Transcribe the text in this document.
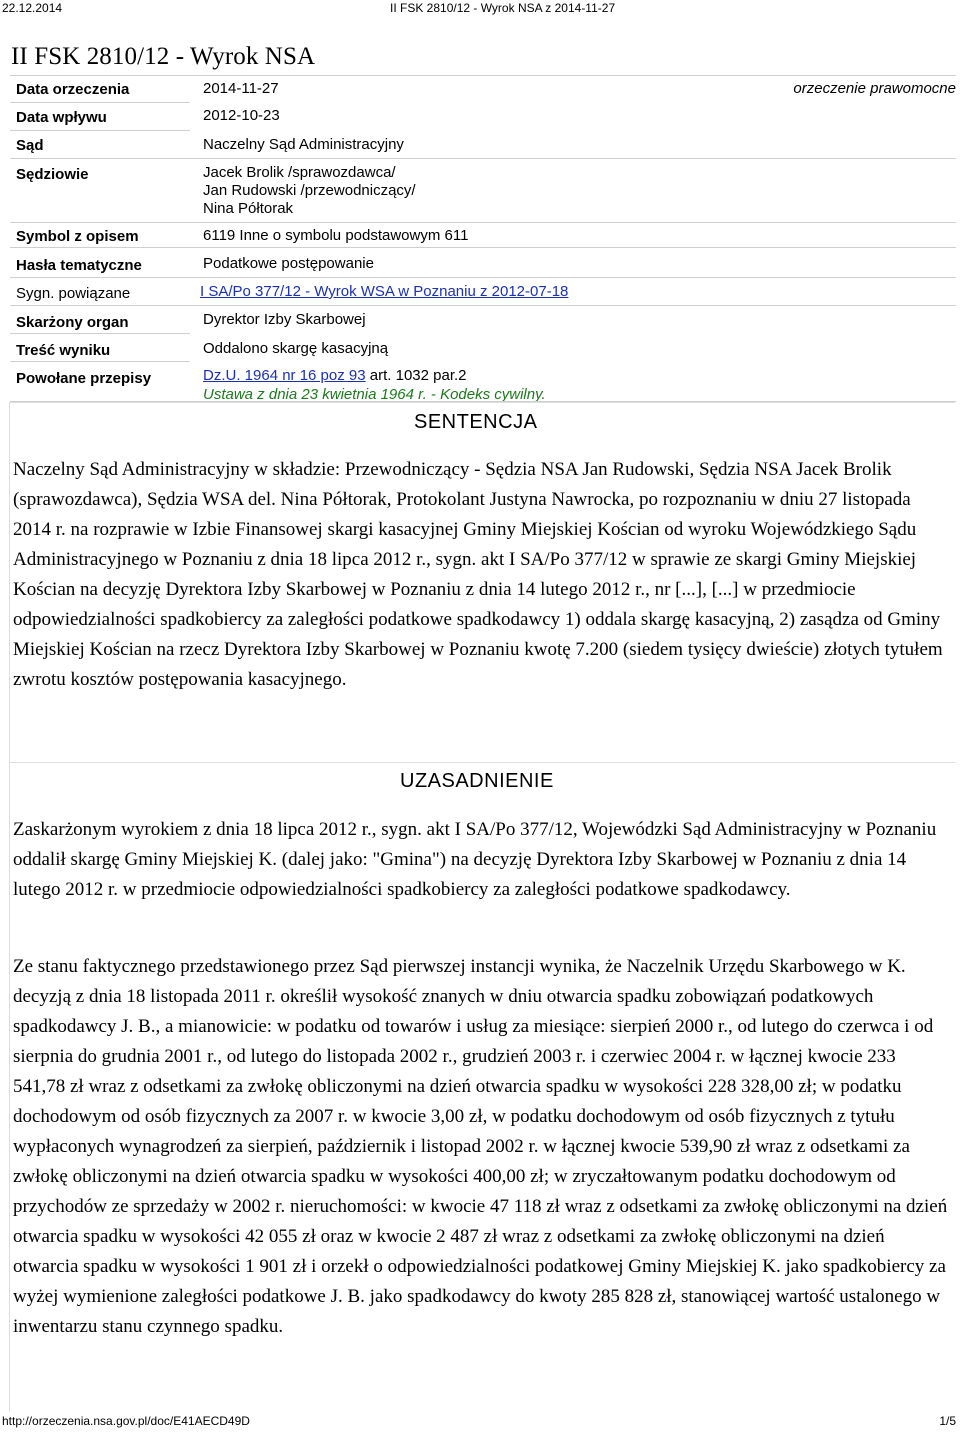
22.12.2014	II FSK 2810/12 - Wyrok NSA z 2014-11-27
II FSK 2810/12 - Wyrok NSA
Data orzeczenia	2014-11-27	orzeczenie prawomocne
Data wpływu	2012-10-23
Sąd	Naczelny Sąd Administracyjny
Sędziowie	Jacek Brolik /sprawozdawca/
Jan Rudowski /przewodniczący/
Nina Półtorak
Symbol z opisem	6119 Inne o symbolu podstawowym 611
Hasła tematyczne	Podatkowe postępowanie
Sygn. powiązane	I SA/Po 377/12 - Wyrok WSA w Poznaniu z 2012-07-18
Skarżony organ	Dyrektor Izby Skarbowej
Treść wyniku	Oddalono skargę kasacyjną
Powołane przepisy	Dz.U. 1964 nr 16 poz 93 art. 1032 par.2
Ustawa z dnia 23 kwietnia 1964 r. - Kodeks cywilny.
SENTENCJA

Naczelny Sąd Administracyjny w składzie: Przewodniczący - Sędzia NSA Jan Rudowski, Sędzia NSA Jacek Brolik (sprawozdawca), Sędzia WSA del. Nina Półtorak, Protokolant Justyna Nawrocka, po rozpoznaniu w dniu 27 listopada 2014 r. na rozprawie w Izbie Finansowej skargi kasacyjnej Gminy Miejskiej Kościan od wyroku Wojewódzkiego Sądu Administracyjnego w Poznaniu z dnia 18 lipca 2012 r., sygn. akt I SA/Po 377/12 w sprawie ze skargi Gminy Miejskiej Kościan na decyzję Dyrektora Izby Skarbowej w Poznaniu z dnia 14 lutego 2012 r., nr [...], [...] w przedmiocie odpowiedzialności spadkobiercy za zaległości podatkowe spadkodawcy 1) oddala skargę kasacyjną, 2) zasądza od Gminy Miejskiej Kościan na rzecz Dyrektora Izby Skarbowej w Poznaniu kwotę 7.200 (siedem tysięcy dwieście) złotych tytułem zwrotu kosztów postępowania kasacyjnego.

UZASADNIENIE

Zaskarżonym wyrokiem z dnia 18 lipca 2012 r., sygn. akt I SA/Po 377/12, Wojewódzki Sąd Administracyjny w Poznaniu oddalił skargę Gminy Miejskiej K. (dalej jako: "Gmina") na decyzję Dyrektora Izby Skarbowej w Poznaniu z dnia 14 lutego 2012 r. w przedmiocie odpowiedzialności spadkobiercy za zaległości podatkowe spadkodawcy.

Ze stanu faktycznego przedstawionego przez Sąd pierwszej instancji wynika, że Naczelnik Urzędu Skarbowego w K. decyzją z dnia 18 listopada 2011 r. określił wysokość znanych w dniu otwarcia spadku zobowiązań podatkowych spadkodawcy J. B., a mianowicie: w podatku od towarów i usług za miesiące: sierpień 2000 r., od lutego do czerwca i od sierpnia do grudnia 2001 r., od lutego do listopada 2002 r., grudzień 2003 r. i czerwiec 2004 r. w łącznej kwocie 233 541,78 zł wraz z odsetkami za zwłokę obliczonymi na dzień otwarcia spadku w wysokości 228 328,00 zł; w podatku dochodowym od osób fizycznych za 2007 r. w kwocie 3,00 zł, w podatku dochodowym od osób fizycznych z tytułu wypłaconych wynagrodzeń za sierpień, październik i listopad 2002 r. w łącznej kwocie 539,90 zł wraz z odsetkami za zwłokę obliczonymi na dzień otwarcia spadku w wysokości 400,00 zł; w zryczałtowanym podatku dochodowym od przychodów ze sprzedaży w 2002 r. nieruchomości: w kwocie 47 118 zł wraz z odsetkami za zwłokę obliczonymi na dzień otwarcia spadku w wysokości 42 055 zł oraz w kwocie 2 487 zł wraz z odsetkami za zwłokę obliczonymi na dzień otwarcia spadku w wysokości 1 901 zł i orzekł o odpowiedzialności podatkowej Gminy Miejskiej K. jako spadkobiercy za wyżej wymienione zaległości podatkowe J. B. jako spadkodawcy do kwoty 285 828 zł, stanowiącej wartość ustalonego w inwentarzu stanu czynnego spadku.

http://orzeczenia.nsa.gov.pl/doc/E41AECD49D	1/5
